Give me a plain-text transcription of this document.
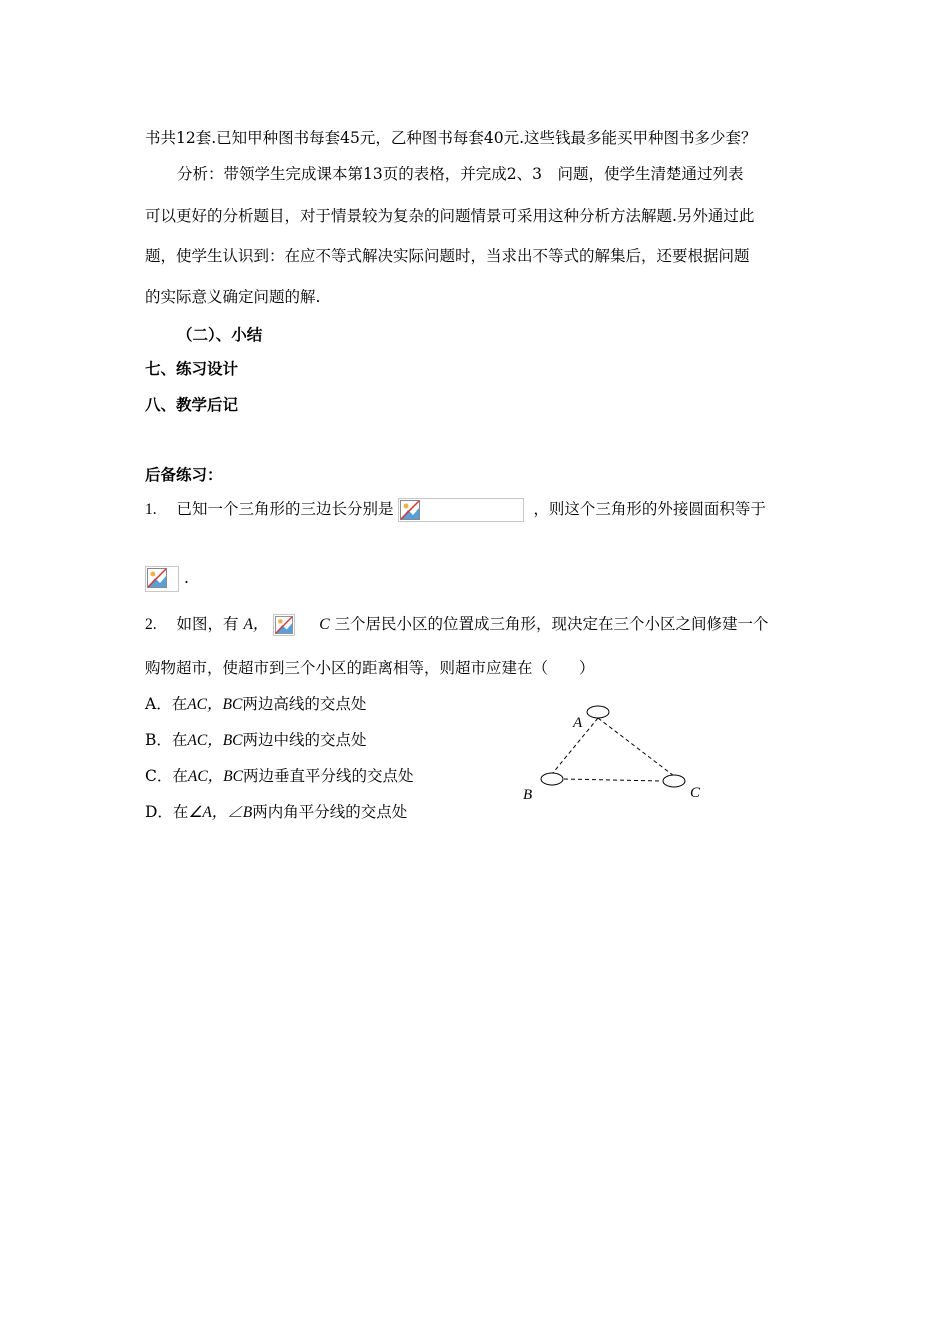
书共12套.已知甲种图书每套45元，乙种图书每套40元.这些钱最多能买甲种图书多少套？
分析：带领学生完成课本第13页的表格，并完成2、3　问题，使学生清楚通过列表
可以更好的分析题目，对于情景较为复杂的问题情景可采用这种分析方法解题.另外通过此
题，使学生认识到：在应不等式解决实际问题时，当求出不等式的解集后，还要根据问题
的实际意义确定问题的解.
（二）、小结
七、练习设计
八、教学后记
后备练习：
1. 已知一个三角形的三边长分别是	，则这个三角形的外接圆面积等于
.
2. 如图，有 A，	C 三个居民小区的位置成三角形，现决定在三个小区之间修建一个
购物超市，使超市到三个小区的距离相等，则超市应建在（　　）
A．在AC，BC两边高线的交点处
B．在AC，BC两边中线的交点处
C．在AC，BC两边垂直平分线的交点处
D．在∠A，∠B两内角平分线的交点处
A
B	C
